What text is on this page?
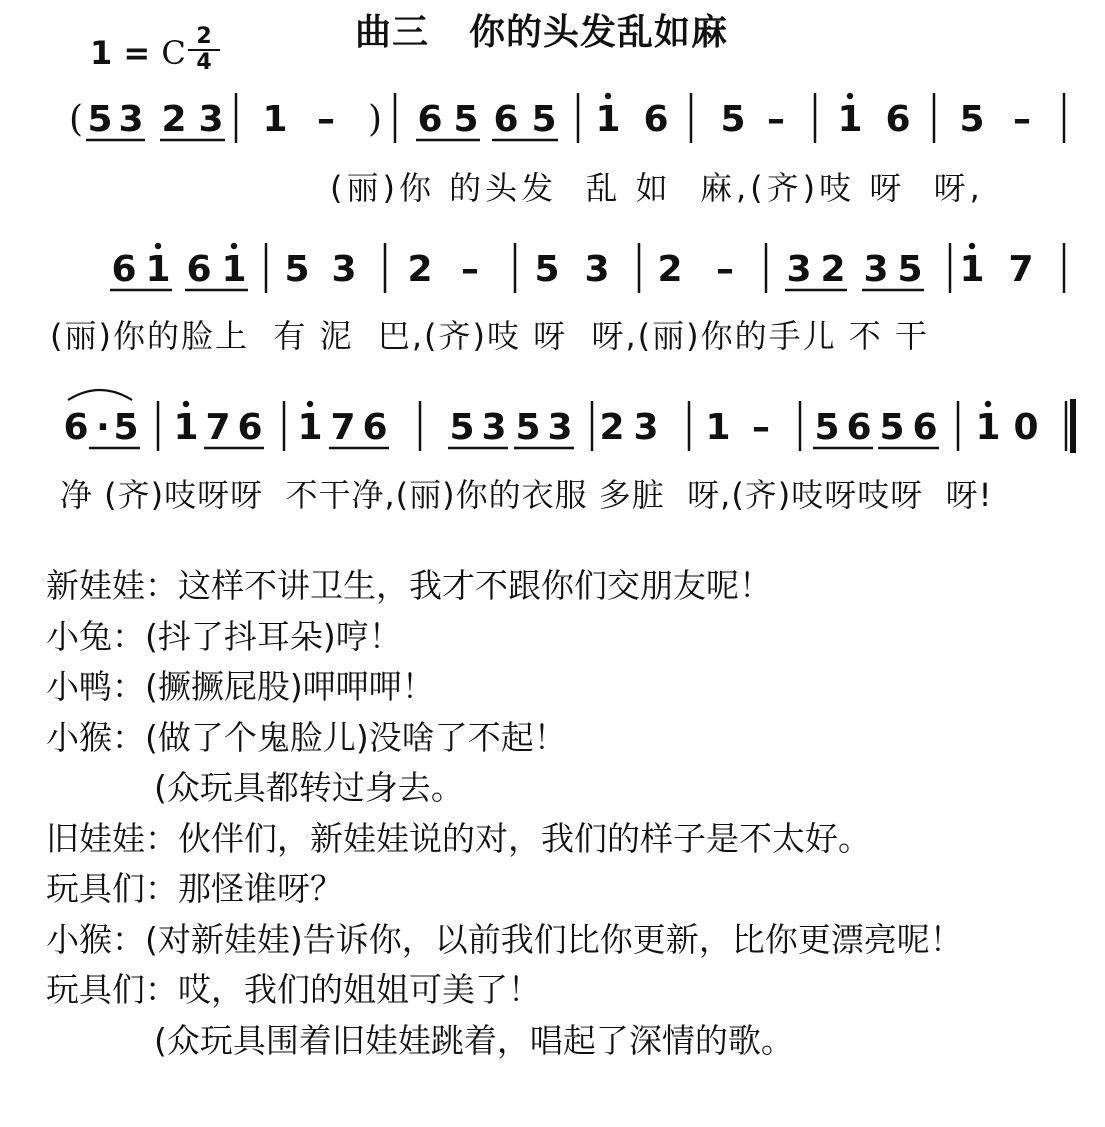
曲三 你的头发乱如麻
1 = C $\frac{2}{4}$
( 5 3 2 3 1 – ) 6 5 6 5 1 6 5 – 1 6 5 –
(丽)你 的头发  乱 如  麻,(齐)吱 呀  呀,
6 1 6 1 5 3 2 – 5 3 2 – 3 2 3 5 1 7
(丽)你的脸上  有 泥  巴,(齐)吱 呀  呀,(丽)你的手儿 不 干
6 · 5 1 7 6 1 7 6 5 3 5 3 2 3 1 – 5 6 5 6 1 0
净 (齐)吱呀呀  不干净,(丽)你的衣服 多脏  呀,(齐)吱呀吱呀  呀!
新娃娃：这样不讲卫生，我才不跟你们交朋友呢！
小兔：(抖了抖耳朵)哼！
小鸭：(撅撅屁股)呷呷呷！
小猴：(做了个鬼脸儿)没啥了不起！
(众玩具都转过身去。
旧娃娃：伙伴们，新娃娃说的对，我们的样子是不太好。
玩具们：那怪谁呀？
小猴：(对新娃娃)告诉你，以前我们比你更新，比你更漂亮呢！
玩具们：哎，我们的姐姐可美了！
(众玩具围着旧娃娃跳着，唱起了深情的歌。
